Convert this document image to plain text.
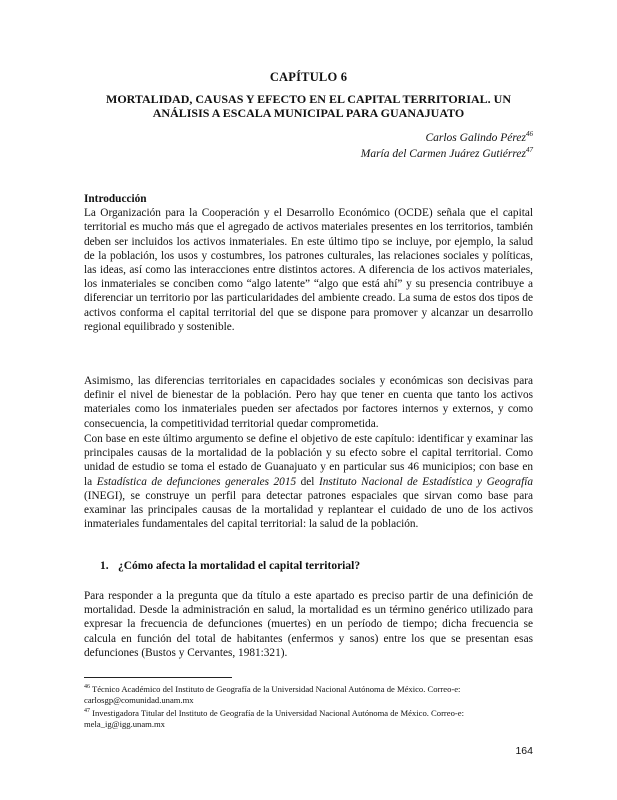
CAPÍTULO 6
MORTALIDAD, CAUSAS Y EFECTO EN EL CAPITAL TERRITORIAL. UN
ANÁLISIS A ESCALA MUNICIPAL PARA GUANAJUATO
Carlos Galindo Pérez$^{46}$
María del Carmen Juárez Gutiérrez$^{47}$
Introducción

La Organización para la Cooperación y el Desarrollo Económico (OCDE) señala que el capital territorial es mucho más que el agregado de activos materiales presentes en los territorios, también deben ser incluidos los activos inmateriales. En este último tipo se incluye, por ejemplo, la salud de la población, los usos y costumbres, los patrones culturales, las relaciones sociales y políticas, las ideas, así como las interacciones entre distintos actores. A diferencia de los activos materiales, los inmateriales se conciben como “algo latente” “algo que está ahí” y su presencia contribuye a diferenciar un territorio por las particularidades del ambiente creado. La suma de estos dos tipos de activos conforma el capital territorial del que se dispone para promover y alcanzar un desarrollo regional equilibrado y sostenible.

Asimismo, las diferencias territoriales en capacidades sociales y económicas son decisivas para definir el nivel de bienestar de la población. Pero hay que tener en cuenta que tanto los activos materiales como los inmateriales pueden ser afectados por factores internos y externos, y como consecuencia, la competitividad territorial quedar comprometida.

Con base en este último argumento se define el objetivo de este capítulo: identificar y examinar las principales causas de la mortalidad de la población y su efecto sobre el capital territorial. Como unidad de estudio se toma el estado de Guanajuato y en particular sus 46 municipios; con base en la Estadística de defunciones generales 2015 del Instituto Nacional de Estadística y Geografía (INEGI), se construye un perfil para detectar patrones espaciales que sirvan como base para examinar las principales causas de la mortalidad y replantear el cuidado de uno de los activos inmateriales fundamentales del capital territorial: la salud de la población.

1. ¿Cómo afecta la mortalidad el capital territorial?

Para responder a la pregunta que da título a este apartado es preciso partir de una definición de mortalidad. Desde la administración en salud, la mortalidad es un término genérico utilizado para expresar la frecuencia de defunciones (muertes) en un período de tiempo; dicha frecuencia se calcula en función del total de habitantes (enfermos y sanos) entre los que se presentan esas defunciones (Bustos y Cervantes, 1981:321).

$^{46}$ Técnico Académico del Instituto de Geografía de la Universidad Nacional Autónoma de México. Correo-e: carlosgp@comunidad.unam.mx
$^{47}$ Investigadora Titular del Instituto de Geografía de la Universidad Nacional Autónoma de México. Correo-e: mela_ig@igg.unam.mx
164
